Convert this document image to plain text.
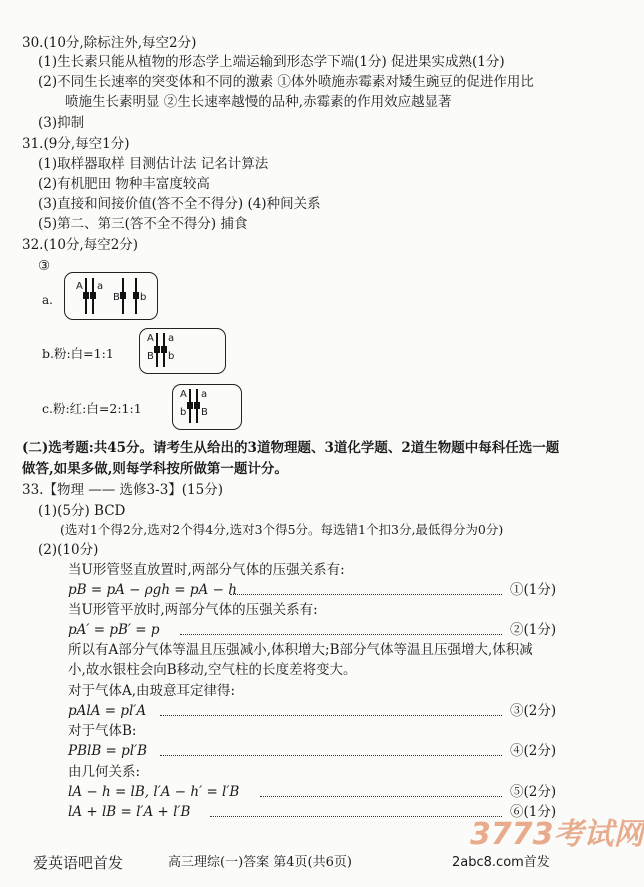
30.(10分,除标注外,每空2分)
(1)生长素只能从植物的形态学上端运输到形态学下端(1分) 促进果实成熟(1分)
(2)不同生长速率的突变体和不同的激素 ①体外喷施赤霉素对矮生豌豆的促进作用比
喷施生长素明显 ②生长速率越慢的品种,赤霉素的作用效应越显著
(3)抑制
31.(9分,每空1分)
(1)取样器取样 目测估计法 记名计算法
(2)有机肥田 物种丰富度较高
(3)直接和间接价值(答不全不得分) (4)种间关系
(5)第二、第三(答不全不得分) 捕食
32.(10分,每空2分)
③
a.
A a
B b
b.粉:白=1:1
A a
B b
c.粉:红:白=2:1:1
A a
b B
(二)选考题:共45分。请考生从给出的3道物理题、3道化学题、2道生物题中每科任选一题
做答,如果多做,则每学科按所做第一题计分。
33.【物理 —— 选修3-3】(15分)
(1)(5分) BCD
(选对1个得2分,选对2个得4分,选对3个得5分。每选错1个扣3分,最低得分为0分)
(2)(10分)
当U形管竖直放置时,两部分气体的压强关系有:
pB = pA − ρgh = pA − h	①(1分)
当U形管平放时,两部分气体的压强关系有:
pA′ = pB′ = p	②(1分)
所以有A部分气体等温且压强减小,体积增大;B部分气体等温且压强增大,体积减
小,故水银柱会向B移动,空气柱的长度差将变大。
对于气体A,由玻意耳定律得:
pAlA = pl′A	③(2分)
对于气体B:
PBlB = pl′B	④(2分)
由几何关系:
lA − h = lB, l′A − h′ = l′B	⑤(2分)
lA + lB = l′A + l′B	⑥(1分)
3773考试网
爱英语吧首发	高三理综(一)答案 第4页(共6页)	2abc8.com首发
